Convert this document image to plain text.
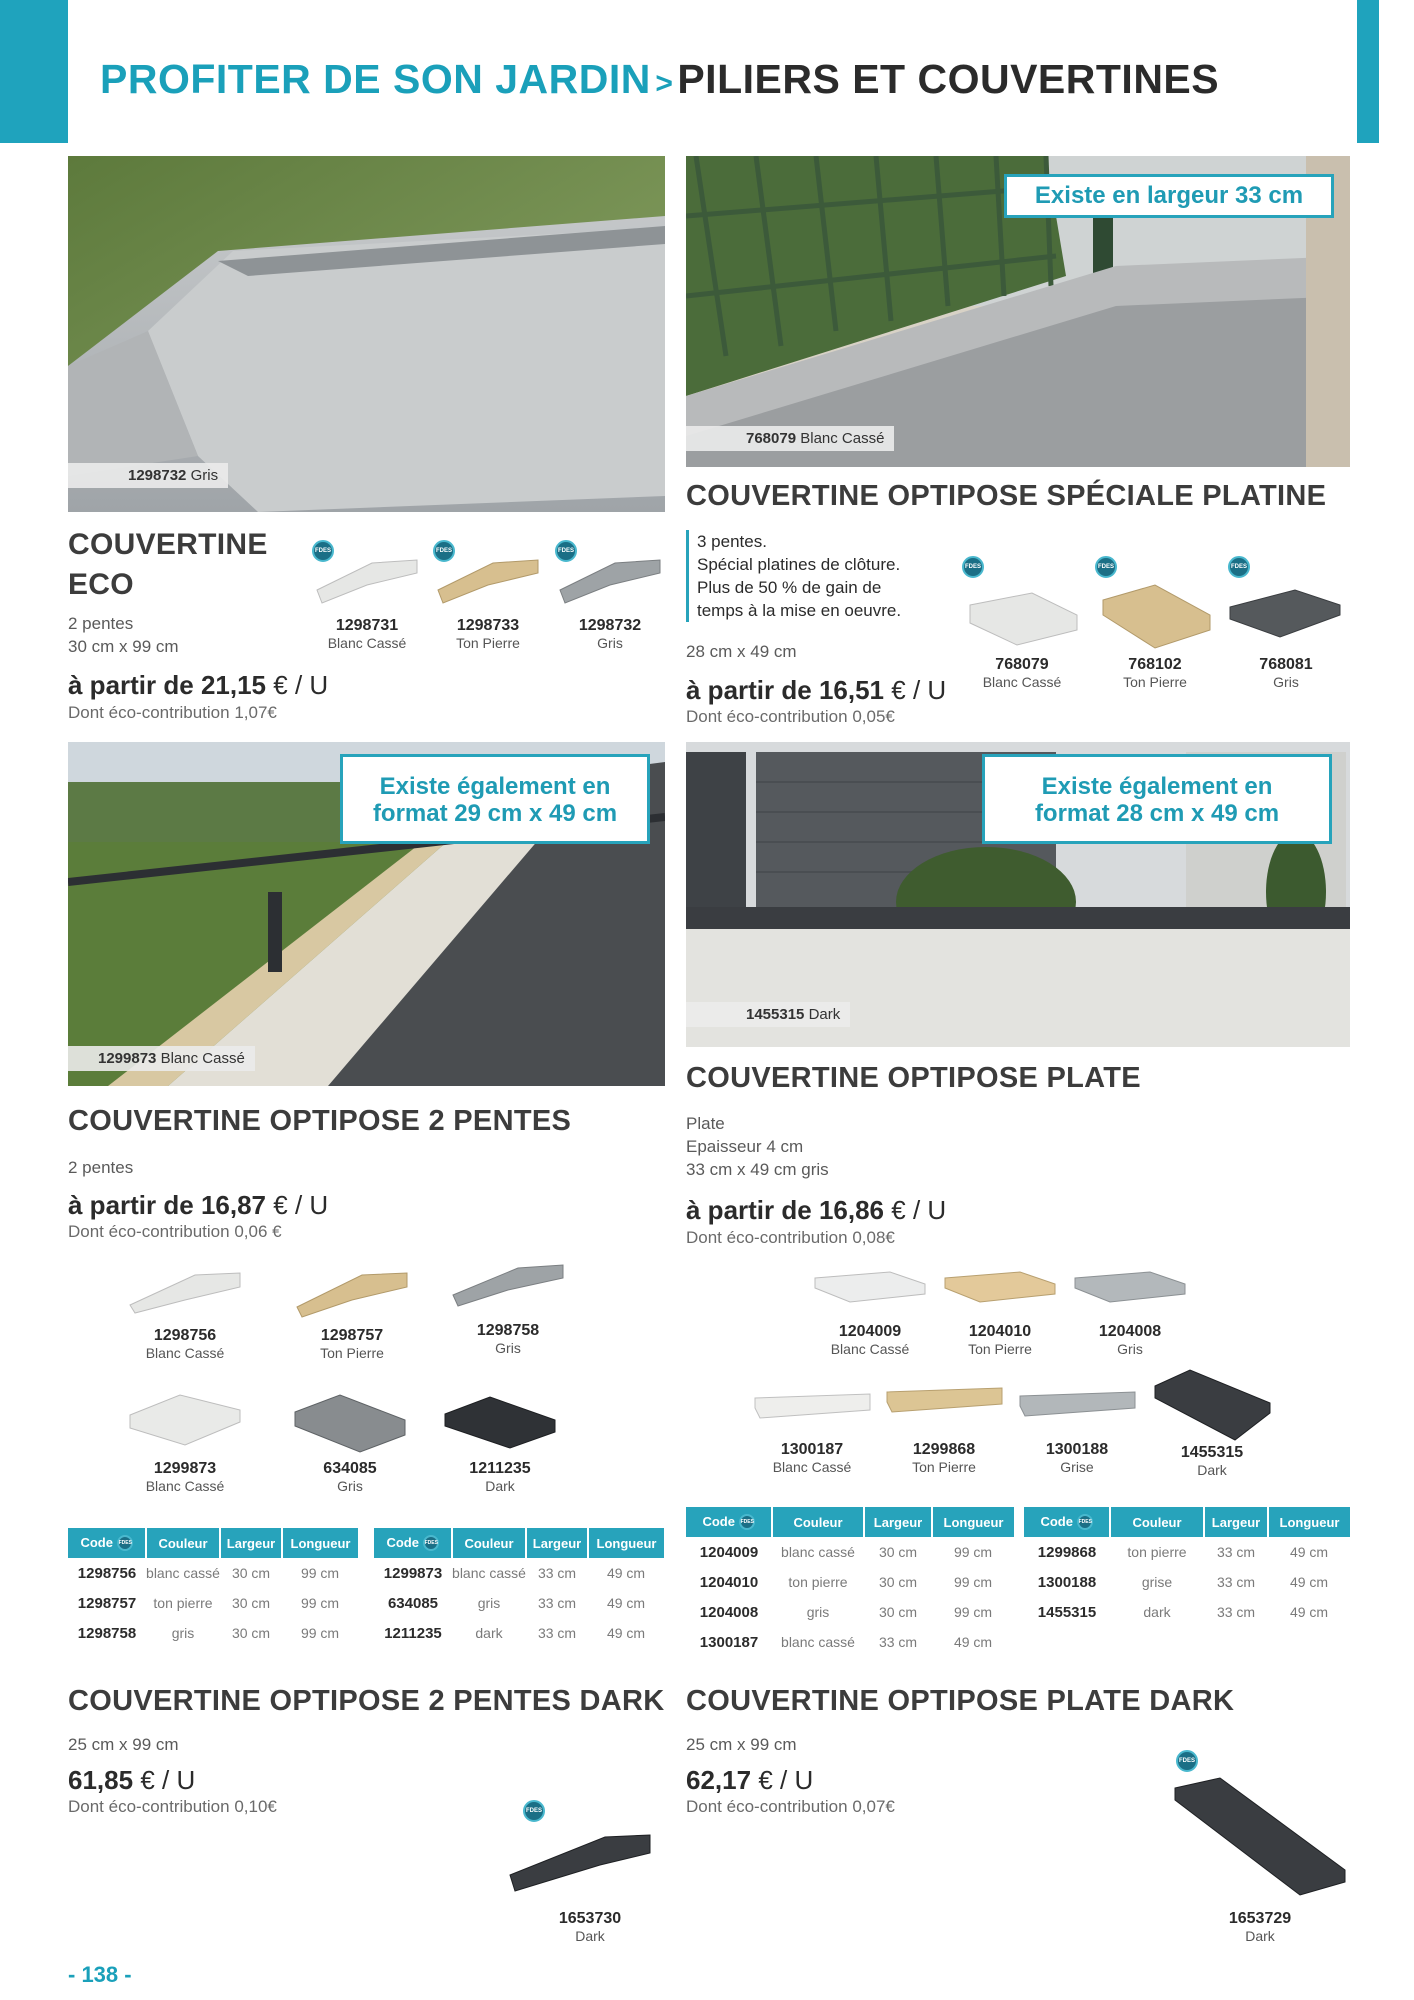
PROFITER DE SON JARDIN > PILIERS ET COUVERTINES
1298732 Gris
Existe en largeur 33 cm
768079 Blanc Cassé
COUVERTINE
ECO
2 pentes
30 cm x 99 cm
à partir de 21,15 € / U
Dont éco-contribution 1,07€
FDES	FDES	FDES
1298731
Blanc Cassé
1298733
Ton Pierre
1298732
Gris
COUVERTINE OPTIPOSE SPÉCIALE PLATINE
3 pentes.
Spécial platines de clôture.
Plus de 50 % de gain de
temps à la mise en oeuvre.
28 cm x 49 cm
à partir de 16,51 € / U
Dont éco-contribution 0,05€
FDES	FDES	FDES
768079
Blanc Cassé
768102
Ton Pierre
768081
Gris
Existe également en
format 29 cm x 49 cm
1299873 Blanc Cassé
Existe également en
format 28 cm x 49 cm
1455315 Dark
COUVERTINE OPTIPOSE 2 PENTES
2 pentes
à partir de 16,87 € / U
Dont éco-contribution 0,06 €
1298756
Blanc Cassé
1298757
Ton Pierre
1298758
Gris
1299873
Blanc Cassé
634085
Gris
1211235
Dark
Code FDES	Couleur	Largeur	Longueur
1298756	blanc cassé	30 cm	99 cm
1298757	ton pierre	30 cm	99 cm
1298758	gris	30 cm	99 cm
Code FDES	Couleur	Largeur	Longueur
1299873	blanc cassé	33 cm	49 cm
634085	gris	33 cm	49 cm
1211235	dark	33 cm	49 cm
COUVERTINE OPTIPOSE PLATE
Plate
Epaisseur 4 cm
33 cm x 49 cm gris
à partir de 16,86 € / U
Dont éco-contribution 0,08€
1204009
Blanc Cassé
1204010
Ton Pierre
1204008
Gris
1300187
Blanc Cassé
1299868
Ton Pierre
1300188
Grise
1455315
Dark
Code FDES	Couleur	Largeur	Longueur
1204009	blanc cassé	30 cm	99 cm
1204010	ton pierre	30 cm	99 cm
1204008	gris	30 cm	99 cm
1300187	blanc cassé	33 cm	49 cm
Code FDES	Couleur	Largeur	Longueur
1299868	ton pierre	33 cm	49 cm
1300188	grise	33 cm	49 cm
1455315	dark	33 cm	49 cm
COUVERTINE OPTIPOSE 2 PENTES DARK
25 cm x 99 cm
61,85 € / U
Dont éco-contribution 0,10€	FDES
1653730
Dark
COUVERTINE OPTIPOSE PLATE DARK
25 cm x 99 cm
62,17 € / U
Dont éco-contribution 0,07€
FDES
1653729
Dark
- 138 -
